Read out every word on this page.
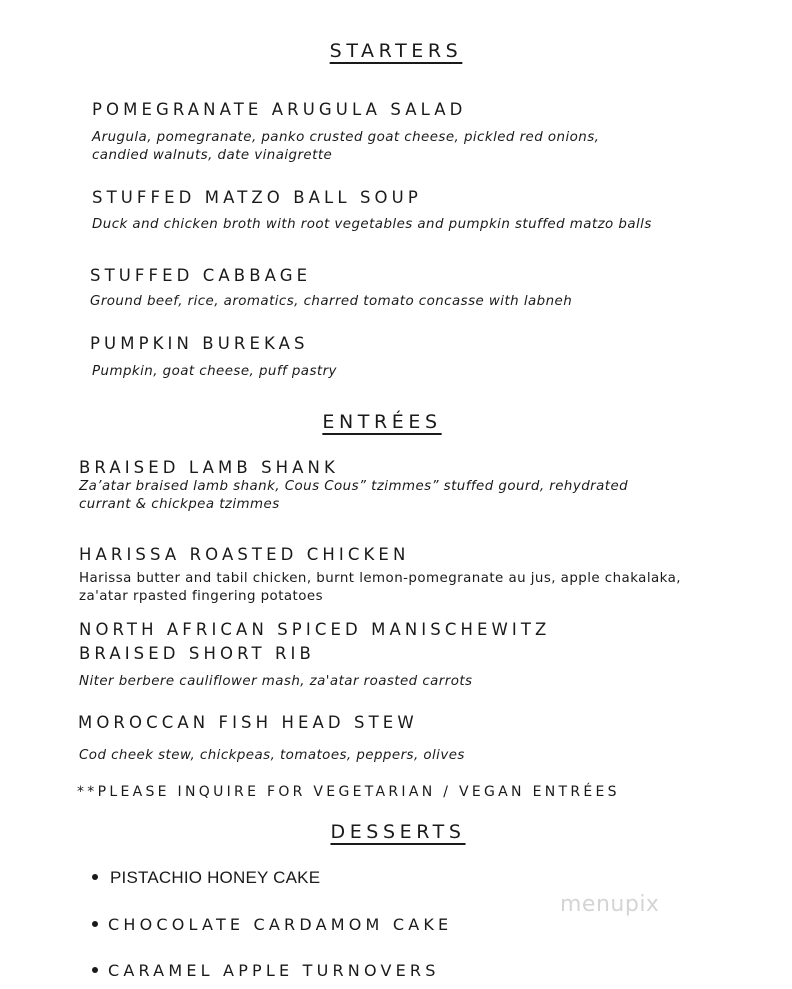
STARTERS
POMEGRANATE ARUGULA SALAD
Arugula, pomegranate, panko crusted goat cheese, pickled red onions,
candied walnuts, date vinaigrette
STUFFED MATZO BALL SOUP
Duck and chicken broth with root vegetables and pumpkin stuffed matzo balls
STUFFED CABBAGE
Ground beef, rice, aromatics, charred tomato concasse with labneh
PUMPKIN BUREKAS
Pumpkin, goat cheese, puff pastry
ENTRÉES
BRAISED LAMB SHANK
Za’atar braised lamb shank, Cous Cous” tzimmes” stuffed gourd, rehydrated
currant & chickpea tzimmes
HARISSA ROASTED CHICKEN
Harissa butter and tabil chicken, burnt lemon-pomegranate au jus, apple chakalaka,
za'atar rpasted fingering potatoes
NORTH AFRICAN SPICED MANISCHEWITZ
BRAISED SHORT RIB
Niter berbere cauliflower mash, za'atar roasted carrots
MOROCCAN FISH HEAD STEW
Cod cheek stew, chickpeas, tomatoes, peppers, olives
**PLEASE INQUIRE FOR VEGETARIAN / VEGAN ENTRÉES
DESSERTS
PISTACHIO HONEY CAKE
CHOCOLATE CARDAMOM CAKE
CARAMEL APPLE TURNOVERS
menupix
